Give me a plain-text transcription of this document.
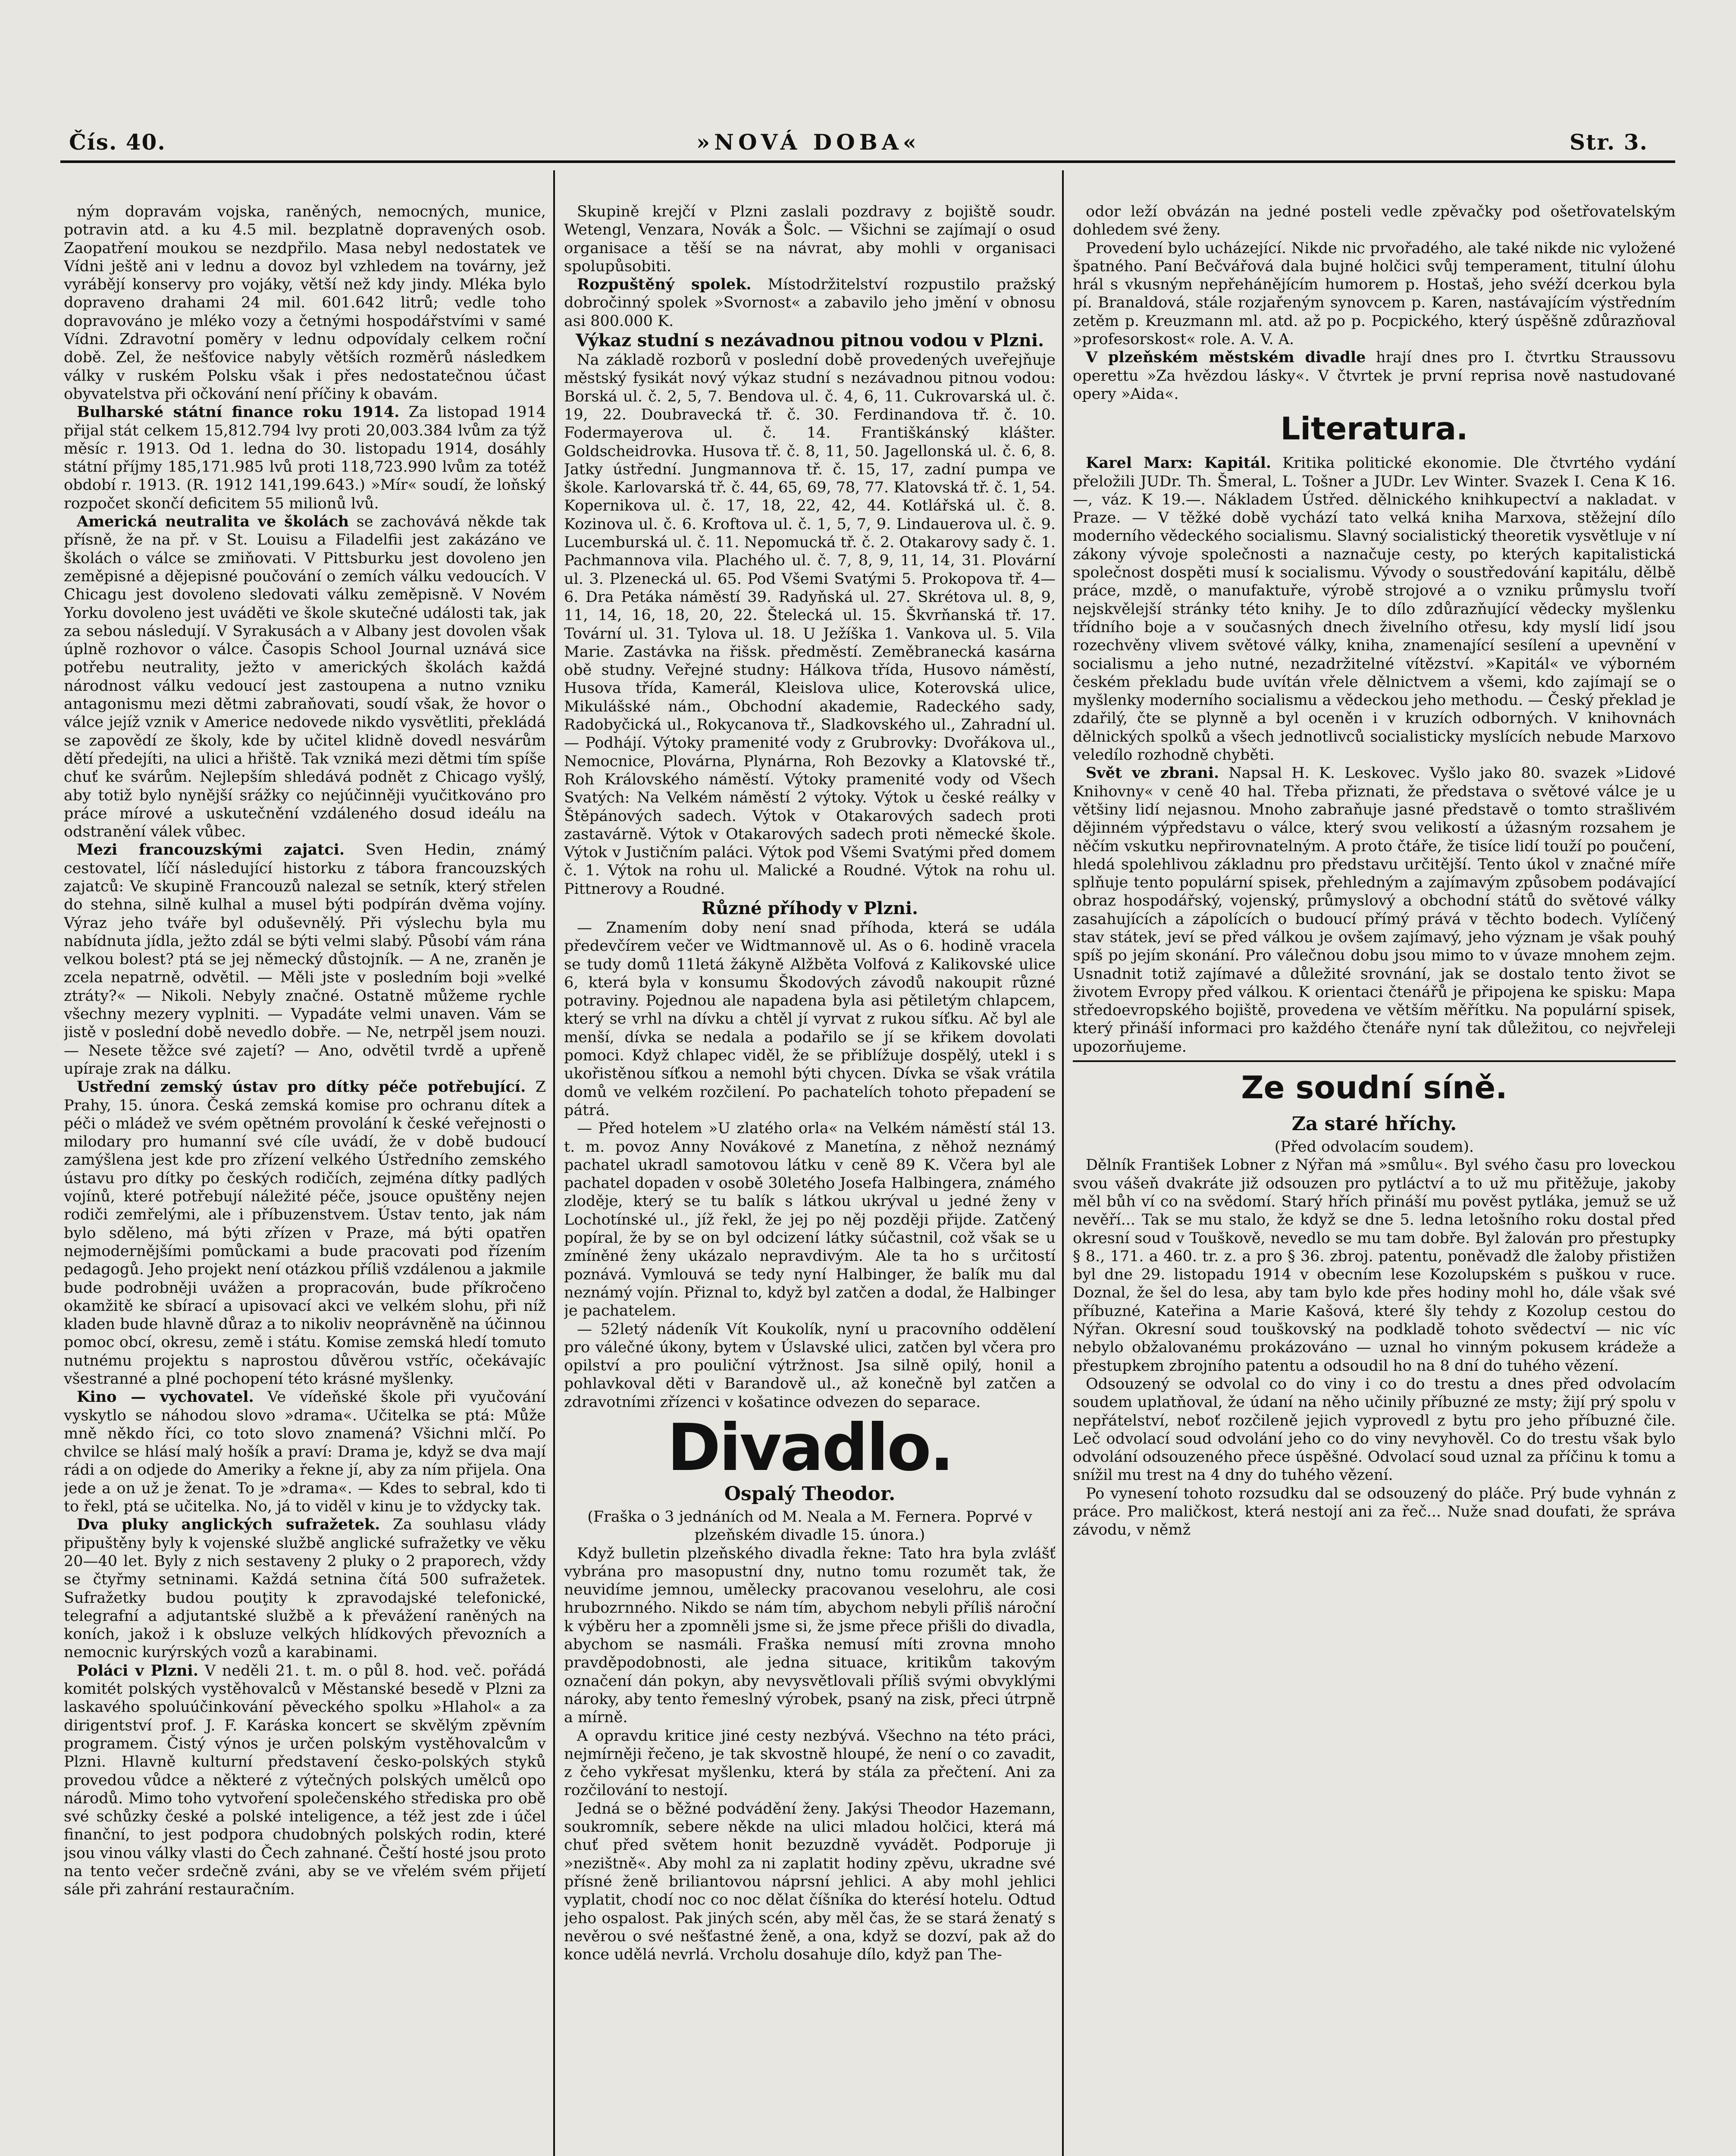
Čís. 40.	»NOVÁ DOBA«	Str. 3.

ným dopravám vojska, raněných, nemocných, munice, potravin atd. a ku 4.5 mil. bezplatně dopravených osob. Zaopatření moukou se nezdpřilo. Masa nebyl nedostatek ve Vídni ještě ani v lednu a dovoz byl vzhledem na továrny, jež vyrábějí konservy pro vojáky, větší než kdy jindy. Mléka bylo dopraveno drahami 24 mil. 601.642 litrů; vedle toho dopravováno je mléko vozy a četnými hospodářstvími v samé Vídni. Zdravotní poměry v lednu odpovídaly celkem roční době. Zel, že nešťovice nabyly větších rozměrů následkem války v ruském Polsku však i přes nedostatečnou účast obyvatelstva při očkování není příčiny k obavám.

Bulharské státní finance roku 1914. Za listopad 1914 přijal stát celkem 15,812.794 lvy proti 20,003.384 lvům za týž měsíc r. 1913. Od 1. ledna do 30. listopadu 1914, dosáhly státní příjmy 185,171.985 lvů proti 118,723.990 lvům za totéž období r. 1913. (R. 1912 141,199.643.) »Mír« soudí, že loňský rozpočet skončí deficitem 55 milionů lvů.

Americká neutralita ve školách se zachovává někde tak přísně, že na př. v St. Louisu a Filadelfii jest zakázáno ve školách o válce se zmiňovati. V Pittsburku jest dovoleno jen zeměpisné a dějepisné poučování o zemích válku vedoucích. V Chicagu jest dovoleno sledovati válku zeměpisně. V Novém Yorku dovoleno jest uváděti ve škole skutečné události tak, jak za sebou následují. V Syrakusách a v Albany jest dovolen však úplně rozhovor o válce. Časopis School Journal uznává sice potřebu neutrality, ježto v amerických školách každá národnost válku vedoucí jest zastoupena a nutno vzniku antagonismu mezi dětmi zabraňovati, soudí však, že hovor o válce jejíž vznik v Americe nedovede nikdo vysvětliti, překládá se zapovědí ze školy, kde by učitel klidně dovedl nesvárům dětí předejíti, na ulici a hřiště. Tak vzniká mezi dětmi tím spíše chuť ke svárům. Nejlepším shledává podnět z Chicago vyšlý, aby totiž bylo nynější srážky co nejúčinněji vyučitkováno pro práce mírové a uskutečnění vzdáleného dosud ideálu na odstranění válek vůbec.

Mezi francouzskými zajatci. Sven Hedin, známý cestovatel, líčí následující historku z tábora francouzských zajatců: Ve skupině Francouzů nalezal se setník, který střelen do stehna, silně kulhal a musel býti podpírán dvěma vojíny. Výraz jeho tváře byl oduševnělý. Při výslechu byla mu nabídnuta jídla, ježto zdál se býti velmi slabý. Působí vám rána velkou bolest? ptá se jej německý důstojník. — A ne, zraněn je zcela nepatrně, odvětil. — Měli jste v posledním boji »velké ztráty?« — Nikoli. Nebyly značné. Ostatně můžeme rychle všechny mezery vyplniti. — Vypadáte velmi unaven. Vám se jistě v poslední době nevedlo dobře. — Ne, netrpěl jsem nouzi. — Nesete těžce své zajetí? — Ano, odvětil tvrdě a upřeně upíraje zrak na dálku.

Ustřední zemský ústav pro dítky péče potřebující. Z Prahy, 15. února. Česká zemská komise pro ochranu dítek a péči o mládež ve svém opětném provolání k české veřejnosti o milodary pro humanní své cíle uvádí, že v době budoucí zamýšlena jest kde pro zřízení velkého Ústředního zemského ústavu pro dítky po českých rodičích, zejména dítky padlých vojínů, které potřebují náležité péče, jsouce opuštěny nejen rodiči zemřelými, ale i příbuzenstvem. Ústav tento, jak nám bylo sděleno, má býti zřízen v Praze, má býti opatřen nejmodernějšími pomůckami a bude pracovati pod řízením pedagogů. Jeho projekt není otázkou příliš vzdálenou a jakmile bude podrobněji uvážen a propracován, bude příkročeno okamžitě ke sbírací a upisovací akci ve velkém slohu, při níž kladen bude hlavně důraz a to nikoliv neoprávněně na účinnou pomoc obcí, okresu, země i státu. Komise zemská hledí tomuto nutnému projektu s naprostou důvěrou vstříc, očekávajíc všestranné a plné pochopení této krásné myšlenky.

Kino — vychovatel. Ve vídeňské škole při vyučování vyskytlo se náhodou slovo »drama«. Učitelka se ptá: Může mně někdo říci, co toto slovo znamená? Všichni mlčí. Po chvilce se hlásí malý hošík a praví: Drama je, když se dva mají rádi a on odjede do Ameriky a řekne jí, aby za ním přijela. Ona jede a on už je ženat. To je »drama«. — Kdes to sebral, kdo ti to řekl, ptá se učitelka. No, já to viděl v kinu je to vždycky tak.

Dva pluky anglických sufražetek. Za souhlasu vlády připuštěny byly k vojenské službě anglické sufražetky ve věku 20—40 let. Byly z nich sestaveny 2 pluky o 2 praporech, vždy se čtyřmy setninami. Každá setnina čítá 500 sufražetek. Sufražetky budou pouţity k zpravodajské telefonické, telegrafní a adjutantské službě a k převážení raněných na koních, jakož i k obsluze velkých hlídkových převozních a nemocnic kurýrských vozů a karabinami.

Poláci v Plzni. V neděli 21. t. m. o půl 8. hod. več. pořádá komitét polských vystěhovalců v Městanské besedě v Plzni za laskavého spoluúčinkování pěveckého spolku »Hlahol« a za dirigentství prof. J. F. Karáska koncert se skvělým zpěvním programem. Čistý výnos je určen polským vystěhovalcům v Plzni. Hlavně kulturní představení česko-polských styků provedou vůdce a některé z výtečných polských umělců opo národů. Mimo toho vytvoření společenského střediska pro obě své schůzky české a polské inteligence, a též jest zde i účel finanční, to jest podpora chudobných polských rodin, které jsou vinou války vlasti do Čech zahnané. Čeští hosté jsou proto na tento večer srdečně zváni, aby se ve vřelém svém přijetí sále při zahrání restauračním.

Skupině krejčí v Plzni zaslali pozdravy z bojiště soudr. Wetengl, Venzara, Novák a Šolc. — Všichni se zajímají o osud organisace a těší se na návrat, aby mohli v organisaci spolupůsobiti.

Rozpuštěný spolek. Místodržitelství rozpustilo pražský dobročinný spolek »Svornost« a zabavilo jeho jmění v obnosu asi 800.000 K.

Výkaz studní s nezávadnou pitnou vodou v Plzni.

Na základě rozborů v poslední době provedených uveřejňuje městský fysikát nový výkaz studní s nezávadnou pitnou vodou: Borská ul. č. 2, 5, 7. Bendova ul. č. 4, 6, 11. Cukrovarská ul. č. 19, 22. Doubravecká tř. č. 30. Ferdinandova tř. č. 10. Fodermayerova ul. č. 14. Františkánský klášter. Goldscheidrovka. Husova tř. č. 8, 11, 50. Jagellonská ul. č. 6, 8. Jatky ústřední. Jungmannova tř. č. 15, 17, zadní pumpa ve škole. Karlovarská tř. č. 44, 65, 69, 78, 77. Klatovská tř. č. 1, 54. Kopernikova ul. č. 17, 18, 22, 42, 44. Kotlářská ul. č. 8. Kozinova ul. č. 6. Kroftova ul. č. 1, 5, 7, 9. Lindauerova ul. č. 9. Lucemburská ul. č. 11. Nepomucká tř. č. 2. Otakarovy sady č. 1. Pachmannova vila. Plachého ul. č. 7, 8, 9, 11, 14, 31. Plovární ul. 3. Plzenecká ul. 65. Pod Všemi Svatými 5. Prokopova tř. 4—6. Dra Petáka náměstí 39. Radyňská ul. 27. Skrétova ul. 8, 9, 11, 14, 16, 18, 20, 22. Štelecká ul. 15. Škvrňanská tř. 17. Tovární ul. 31. Tylova ul. 18. U Ježíška 1. Vankova ul. 5. Vila Marie. Zastávka na řišsk. předměstí. Zeměbranecká kasárna obě studny. Veřejné studny: Hálkova třída, Husovo náměstí, Husova třída, Kamerál, Kleislova ulice, Koterovská ulice, Mikulášské nám., Obchodní akademie, Radeckého sady, Radobyčická ul., Rokycanova tř., Sladkovského ul., Zahradní ul. — Podhájí. Výtoky pramenité vody z Grubrovky: Dvořákova ul., Nemocnice, Plovárna, Plynárna, Roh Bezovky a Klatovské tř., Roh Královského náměstí. Výtoky pramenité vody od Všech Svatých: Na Velkém náměstí 2 výtoky. Výtok u české reálky v Štěpánových sadech. Výtok v Otakarových sadech proti zastavárně. Výtok v Otakarových sadech proti německé škole. Výtok v Justičním paláci. Výtok pod Všemi Svatými před domem č. 1. Výtok na rohu ul. Malické a Roudné. Výtok na rohu ul. Pittnerovy a Roudné.

Různé příhody v Plzni.

— Znamením doby není snad příhoda, která se udála předevčírem večer ve Widtmannově ul. As o 6. hodině vracela se tudy domů 11letá žákyně Alžběta Volfová z Kalikovské ulice 6, která byla v konsumu Škodových závodů nakoupit různé potraviny. Pojednou ale napadena byla asi pětiletým chlapcem, který se vrhl na dívku a chtěl jí vyrvat z rukou síťku. Ač byl ale menší, dívka se nedala a podařilo se jí se křikem dovolati pomoci. Když chlapec viděl, že se přiblížuje dospělý, utekl i s ukořistěnou síťkou a nemohl býti chycen. Dívka se však vrátila domů ve velkém rozčilení. Po pachatelích tohoto přepadení se pátrá.

— Před hotelem »U zlatého orla« na Velkém náměstí stál 13. t. m. povoz Anny Novákové z Manetína, z něhož neznámý pachatel ukradl samotovou látku v ceně 89 K. Včera byl ale pachatel dopaden v osobě 30letého Josefa Halbingera, známého zloděje, který se tu balík s látkou ukrýval u jedné ženy v Lochotínské ul., jíž řekl, že jej po něj později přijde. Zatčený popíral, že by se on byl odcizení látky súčastnil, což však se u zmíněné ženy ukázalo nepravdivým. Ale ta ho s určitostí poznává. Vymlouvá se tedy nyní Halbinger, že balík mu dal neznámý vojín. Přiznal to, když byl zatčen a dodal, že Halbinger je pachatelem.

— 52letý nádeník Vít Koukolík, nyní u pracovního oddělení pro válečné úkony, bytem v Úslavské ulici, zatčen byl včera pro opilství a pro pouliční výtržnost. Jsa silně opilý, honil a pohlavkoval děti v Barandově ul., až konečně byl zatčen a zdravotními zřízenci v košatince odvezen do separace.

Divadlo.

Ospalý Theodor.

(Fraška o 3 jednáních od M. Neala a M. Fernera. Poprvé v plzeňském divadle 15. února.)

Když bulletin plzeňského divadla řekne: Tato hra byla zvlášť vybrána pro masopustní dny, nutno tomu rozumět tak, že neuvidíme jemnou, umělecky pracovanou veselohru, ale cosi hrubozrnného. Nikdo se nám tím, abychom nebyli příliš nároční k výběru her a zpomněli jsme si, že jsme přece přišli do divadla, abychom se nasmáli. Fraška nemusí míti zrovna mnoho pravděpodobnosti, ale jedna situace, kritikům takovým označení dán pokyn, aby nevysvětlovali příliš svými obvyklými nároky, aby tento řemeslný výrobek, psaný na zisk, přeci útrpně a mírně.

A opravdu kritice jiné cesty nezbývá. Všechno na této práci, nejmírněji řečeno, je tak skvostně hloupé, že není o co zavadit, z čeho vykřesat myšlenku, která by stála za přečtení. Ani za rozčilování to nestojí.

Jedná se o běžné podvádění ženy. Jakýsi Theodor Hazemann, soukromník, sebere někde na ulici mladou holčici, která má chuť před světem honit bezuzdně vyvádět. Podporuje ji »nezištně«. Aby mohl za ni zaplatit hodiny zpěvu, ukradne své přísné ženě briliantovou náprsní jehlici. A aby mohl jehlici vyplatit, chodí noc co noc dělat číšníka do kterésí hotelu. Odtud jeho ospalost. Pak jiných scén, aby měl čas, že se stará ženatý s nevěrou o své nešťastné ženě, a ona, když se dozví, pak až do konce udělá nevrlá. Vrcholu dosahuje dílo, když pan The-

odor leží obvázán na jedné posteli vedle zpěvačky pod ošetřovatelským dohledem své ženy.

Provedení bylo ucházející. Nikde nic prvořadého, ale také nikde nic vyložené špatného. Paní Bečvářová dala bujné holčici svůj temperament, titulní úlohu hrál s vkusným nepřehánějícím humorem p. Hostaš, jeho svéží dcerkou byla pí. Branaldová, stále rozjařeným synovcem p. Karen, nastávajícím výstředním zetěm p. Kreuzmann ml. atd. až po p. Pocpického, který úspěšně zdůrazňoval »profesorskost« role. A. V. A.

V plzeňském městském divadle hrají dnes pro I. čtvrtku Straussovu operettu »Za hvězdou lásky«. V čtvrtek je první reprisa nově nastudované opery »Aida«.

Literatura.

Karel Marx: Kapitál. Kritika politické ekonomie. Dle čtvrtého vydání přeložili JUDr. Th. Šmeral, L. Tošner a JUDr. Lev Winter. Svazek I. Cena K 16.—, váz. K 19.—. Nákladem Ústřed. dělnického knihkupectví a nakladat. v Praze. — V těžké době vychází tato velká kniha Marxova, stěžejní dílo moderního vědeckého socialismu. Slavný socialistický theoretik vysvětluje v ní zákony vývoje společnosti a naznačuje cesty, po kterých kapitalistická společnost dospěti musí k socialismu. Vývody o soustředování kapitálu, dělbě práce, mzdě, o manufaktuře, výrobě strojové a o vzniku průmyslu tvoří nejskvělejší stránky této knihy. Je to dílo zdůrazňující vědecky myšlenku třídního boje a v současných dnech živelního otřesu, kdy myslí lidí jsou rozechvěny vlivem světové války, kniha, znamenající sesílení a upevnění v socialismu a jeho nutné, nezadržitelné vítězství. »Kapitál« ve výborném českém překladu bude uvítán vřele dělnictvem a všemi, kdo zajímají se o myšlenky moderního socialismu a vědeckou jeho methodu. — Český překlad je zdařilý, čte se plynně a byl oceněn i v kruzích odborných. V knihovnách dělnických spolků a všech jednotlivců socialisticky myslících nebude Marxovo veledílo rozhodně chyběti.

Svět ve zbrani. Napsal H. K. Leskovec. Vyšlo jako 80. svazek »Lidové Knihovny« v ceně 40 hal. Třeba přiznati, že představa o světové válce je u většiny lidí nejasnou. Mnoho zabraňuje jasné představě o tomto strašlivém dějinném výpředstavu o válce, který svou velikostí a úžasným rozsahem je něčím vskutku nepřirovnatelným. A proto čtáře, že tisíce lidí touží po poučení, hledá spolehlivou základnu pro představu určitější. Tento úkol v značné míře splňuje tento populární spisek, přehledným a zajímavým způsobem podávající obraz hospodářský, vojenský, průmyslový a obchodní států do světové války zasahujících a zápolících o budoucí přímý prává v těchto bodech. Vylíčený stav státek, jeví se před válkou je ovšem zajímavý, jeho význam je však pouhý spíš po jejím skonání. Pro válečnou dobu jsou mimo to v úvaze mnohem zejm. Usnadnit totiž zajímavé a důležité srovnání, jak se dostalo tento život se životem Evropy před válkou. K orientaci čtenářů je připojena ke spisku: Mapa středoevropského bojiště, provedena ve větším měřítku. Na populární spisek, který přináší informaci pro každého čtenáře nyní tak důležitou, co nejvřeleji upozorňujeme.

Ze soudní síně.

Za staré hříchy.

(Před odvolacím soudem).

Dělník František Lobner z Nýřan má »smůlu«. Byl svého času pro loveckou svou vášeň dvakráte již odsouzen pro pytláctví a to už mu přitěžuje, jakoby měl bůh ví co na svědomí. Starý hřích přináší mu pověst pytláka, jemuž se už nevěří... Tak se mu stalo, že když se dne 5. ledna letošního roku dostal před okresní soud v Touškově, nevedlo se mu tam dobře. Byl žalován pro přestupky § 8., 171. a 460. tr. z. a pro § 36. zbroj. patentu, poněvadž dle žaloby přistižen byl dne 29. listopadu 1914 v obecním lese Kozolupském s puškou v ruce. Doznal, že šel do lesa, aby tam bylo kde přes hodiny mohl ho, dále však své příbuzné, Kateřina a Marie Kašová, které šly tehdy z Kozolup cestou do Nýřan. Okresní soud touškovský na podkladě tohoto svědectví — nic víc nebylo obžalovanému prokázováno — uznal ho vinným pokusem krádeže a přestupkem zbrojního patentu a odsoudil ho na 8 dní do tuhého vězení.

Odsouzený se odvolal co do viny i co do trestu a dnes před odvolacím soudem uplatňoval, že údaní na něho učinily příbuzné ze msty; žijí prý spolu v nepřátelství, neboť rozčileně jejich vyprovedl z bytu pro jeho příbuzné čile. Leč odvolací soud odvolání jeho co do viny nevyhověl. Co do trestu však bylo odvolání odsouzeného přece úspěšné. Odvolací soud uznal za příčinu k tomu a snížil mu trest na 4 dny do tuhého vězení.

Po vynesení tohoto rozsudku dal se odsouzený do pláče. Prý bude vyhnán z práce. Pro maličkost, která nestojí ani za řeč... Nuže snad doufati, že správa závodu, v němž
